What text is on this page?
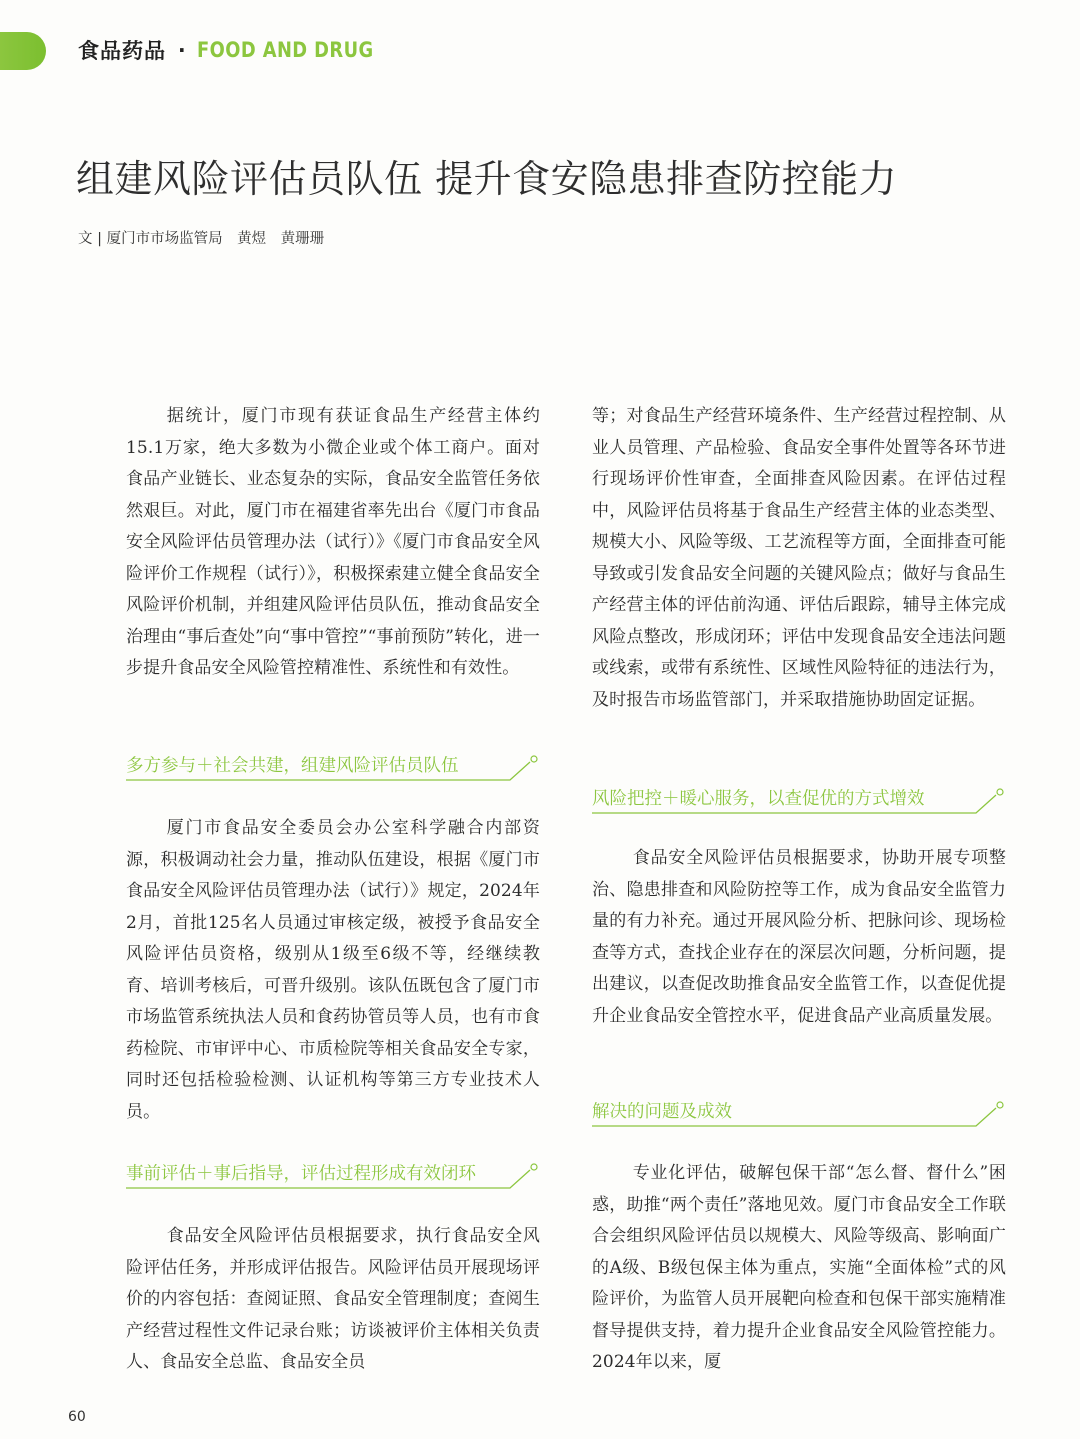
食品药品 · FOOD AND DRUG
组建风险评估员队伍 提升食安隐患排查防控能力
文 | 厦门市市场监管局　黄煜　黄珊珊

据统计，厦门市现有获证食品生产经营主体约15.1万家，绝大多数为小微企业或个体工商户。面对食品产业链长、业态复杂的实际，食品安全监管任务依然艰巨。对此，厦门市在福建省率先出台《厦门市食品安全风险评估员管理办法（试行）》《厦门市食品安全风险评价工作规程（试行）》，积极探索建立健全食品安全风险评价机制，并组建风险评估员队伍，推动食品安全治理由“事后查处”向“事中管控”“事前预防”转化，进一步提升食品安全风险管控精准性、系统性和有效性。

多方参与＋社会共建，组建风险评估员队伍

厦门市食品安全委员会办公室科学融合内部资源，积极调动社会力量，推动队伍建设，根据《厦门市食品安全风险评估员管理办法（试行）》规定，2024年2月，首批125名人员通过审核定级，被授予食品安全风险评估员资格，级别从1级至6级不等，经继续教育、培训考核后，可晋升级别。该队伍既包含了厦门市市场监管系统执法人员和食药协管员等人员，也有市食药检院、市审评中心、市质检院等相关食品安全专家，同时还包括检验检测、认证机构等第三方专业技术人员。

事前评估＋事后指导，评估过程形成有效闭环

食品安全风险评估员根据要求，执行食品安全风险评估任务，并形成评估报告。风险评估员开展现场评价的内容包括：查阅证照、食品安全管理制度；查阅生产经营过程性文件记录台账；访谈被评价主体相关负责人、食品安全总监、食品安全员

等；对食品生产经营环境条件、生产经营过程控制、从业人员管理、产品检验、食品安全事件处置等各环节进行现场评价性审查，全面排查风险因素。在评估过程中，风险评估员将基于食品生产经营主体的业态类型、规模大小、风险等级、工艺流程等方面，全面排查可能导致或引发食品安全问题的关键风险点；做好与食品生产经营主体的评估前沟通、评估后跟踪，辅导主体完成风险点整改，形成闭环；评估中发现食品安全违法问题或线索，或带有系统性、区域性风险特征的违法行为，及时报告市场监管部门，并采取措施协助固定证据。

风险把控＋暖心服务，以查促优的方式增效

食品安全风险评估员根据要求，协助开展专项整治、隐患排查和风险防控等工作，成为食品安全监管力量的有力补充。通过开展风险分析、把脉问诊、现场检查等方式，查找企业存在的深层次问题，分析问题，提出建议，以查促改助推食品安全监管工作，以查促优提升企业食品安全管控水平，促进食品产业高质量发展。

解决的问题及成效

专业化评估，破解包保干部“怎么督、督什么”困惑，助推“两个责任”落地见效。厦门市食品安全工作联合会组织风险评估员以规模大、风险等级高、影响面广的A级、B级包保主体为重点，实施“全面体检”式的风险评价，为监管人员开展靶向检查和包保干部实施精准督导提供支持，着力提升企业食品安全风险管控能力。2024年以来，厦

60
